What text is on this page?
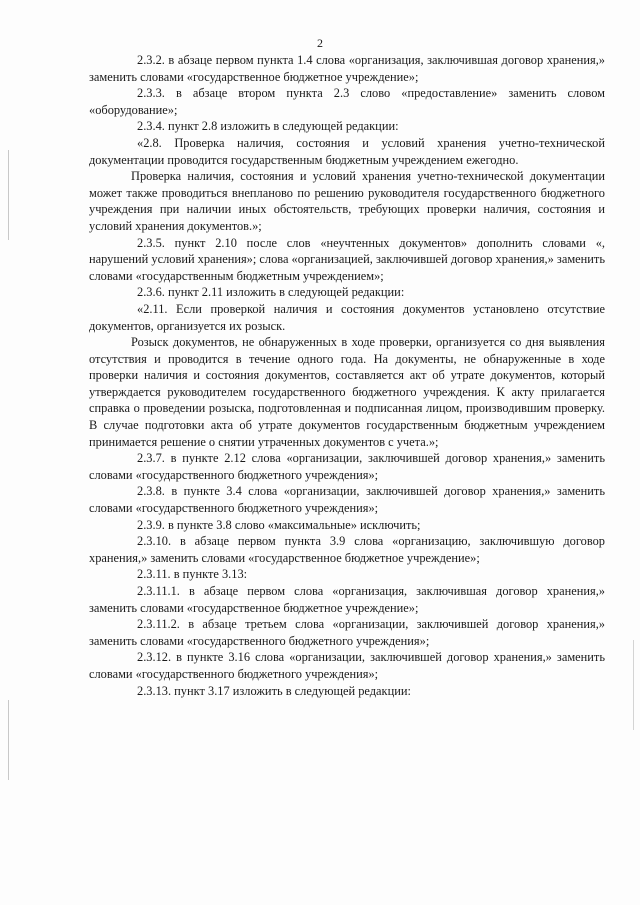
2

2.3.2. в абзаце первом пункта 1.4 слова «организация, заключившая договор хранения,» заменить словами «государственное бюджетное учреждение»;

2.3.3. в абзаце втором пункта 2.3 слово «предоставление» заменить словом «оборудование»;

2.3.4. пункт 2.8 изложить в следующей редакции:

«2.8. Проверка наличия, состояния и условий хранения учетно-технической документации проводится государственным бюджетным учреждением ежегодно.

Проверка наличия, состояния и условий хранения учетно-технической документации может также проводиться внепланово по решению руководителя государственного бюджетного учреждения при наличии иных обстоятельств, требующих проверки наличия, состояния и условий хранения документов.»;

2.3.5. пункт 2.10 после слов «неучтенных документов» дополнить словами «, нарушений условий хранения»; слова «организацией, заключившей договор хранения,» заменить словами «государственным бюджетным учреждением»;

2.3.6. пункт 2.11 изложить в следующей редакции:

«2.11. Если проверкой наличия и состояния документов установлено отсутствие документов, организуется их розыск.

Розыск документов, не обнаруженных в ходе проверки, организуется со дня выявления отсутствия и проводится в течение одного года. На документы, не обнаруженные в ходе проверки наличия и состояния документов, составляется акт об утрате документов, который утверждается руководителем государственного бюджетного учреждения. К акту прилагается справка о проведении розыска, подготовленная и подписанная лицом, производившим проверку. В случае подготовки акта об утрате документов государственным бюджетным учреждением принимается решение о снятии утраченных документов с учета.»;

2.3.7. в пункте 2.12 слова «организации, заключившей договор хранения,» заменить словами «государственного бюджетного учреждения»;

2.3.8. в пункте 3.4 слова «организации, заключившей договор хранения,» заменить словами «государственного бюджетного учреждения»;

2.3.9. в пункте 3.8 слово «максимальные» исключить;

2.3.10. в абзаце первом пункта 3.9 слова «организацию, заключившую договор хранения,» заменить словами «государственное бюджетное учреждение»;

2.3.11. в пункте 3.13:

2.3.11.1. в абзаце первом слова «организация, заключившая договор хранения,» заменить словами «государственное бюджетное учреждение»;

2.3.11.2. в абзаце третьем слова «организации, заключившей договор хранения,» заменить словами «государственного бюджетного учреждения»;

2.3.12. в пункте 3.16 слова «организации, заключившей договор хранения,» заменить словами «государственного бюджетного учреждения»;

2.3.13. пункт 3.17 изложить в следующей редакции:
